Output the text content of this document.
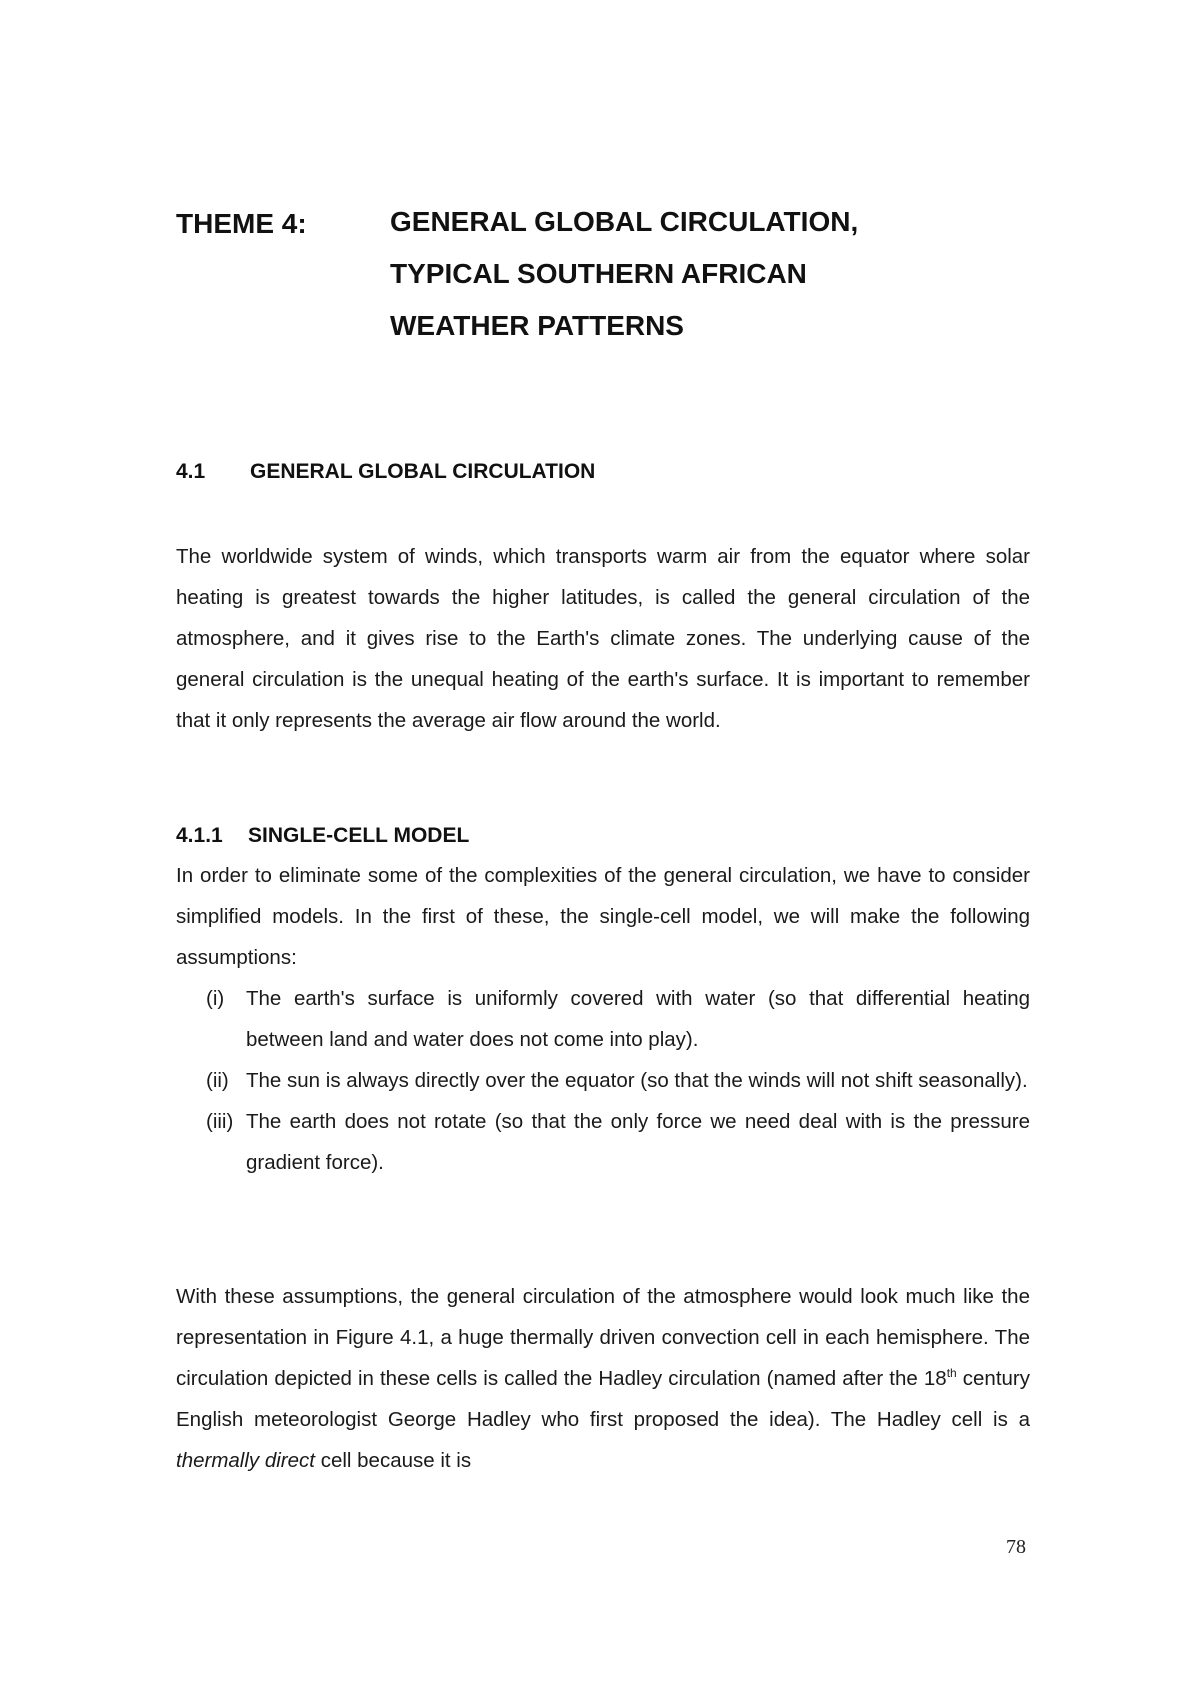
THEME 4:	GENERAL GLOBAL CIRCULATION,
TYPICAL SOUTHERN AFRICAN
WEATHER PATTERNS
4.1 GENERAL GLOBAL CIRCULATION
The worldwide system of winds, which transports warm air from the equator where solar heating is greatest towards the higher latitudes, is called the general circulation of the atmosphere, and it gives rise to the Earth's climate zones. The underlying cause of the general circulation is the unequal heating of the earth's surface. It is important to remember that it only represents the average air flow around the world.
4.1.1 SINGLE-CELL MODEL
In order to eliminate some of the complexities of the general circulation, we have to consider simplified models. In the first of these, the single-cell model, we will make the following assumptions:
(i) The earth's surface is uniformly covered with water (so that differential heating between land and water does not come into play).
(ii) The sun is always directly over the equator (so that the winds will not shift seasonally).
(iii) The earth does not rotate (so that the only force we need deal with is the pressure gradient force).
With these assumptions, the general circulation of the atmosphere would look much like the representation in Figure 4.1, a huge thermally driven convection cell in each hemisphere. The circulation depicted in these cells is called the Hadley circulation (named after the 18th century English meteorologist George Hadley who first proposed the idea). The Hadley cell is a thermally direct cell because it is
78
